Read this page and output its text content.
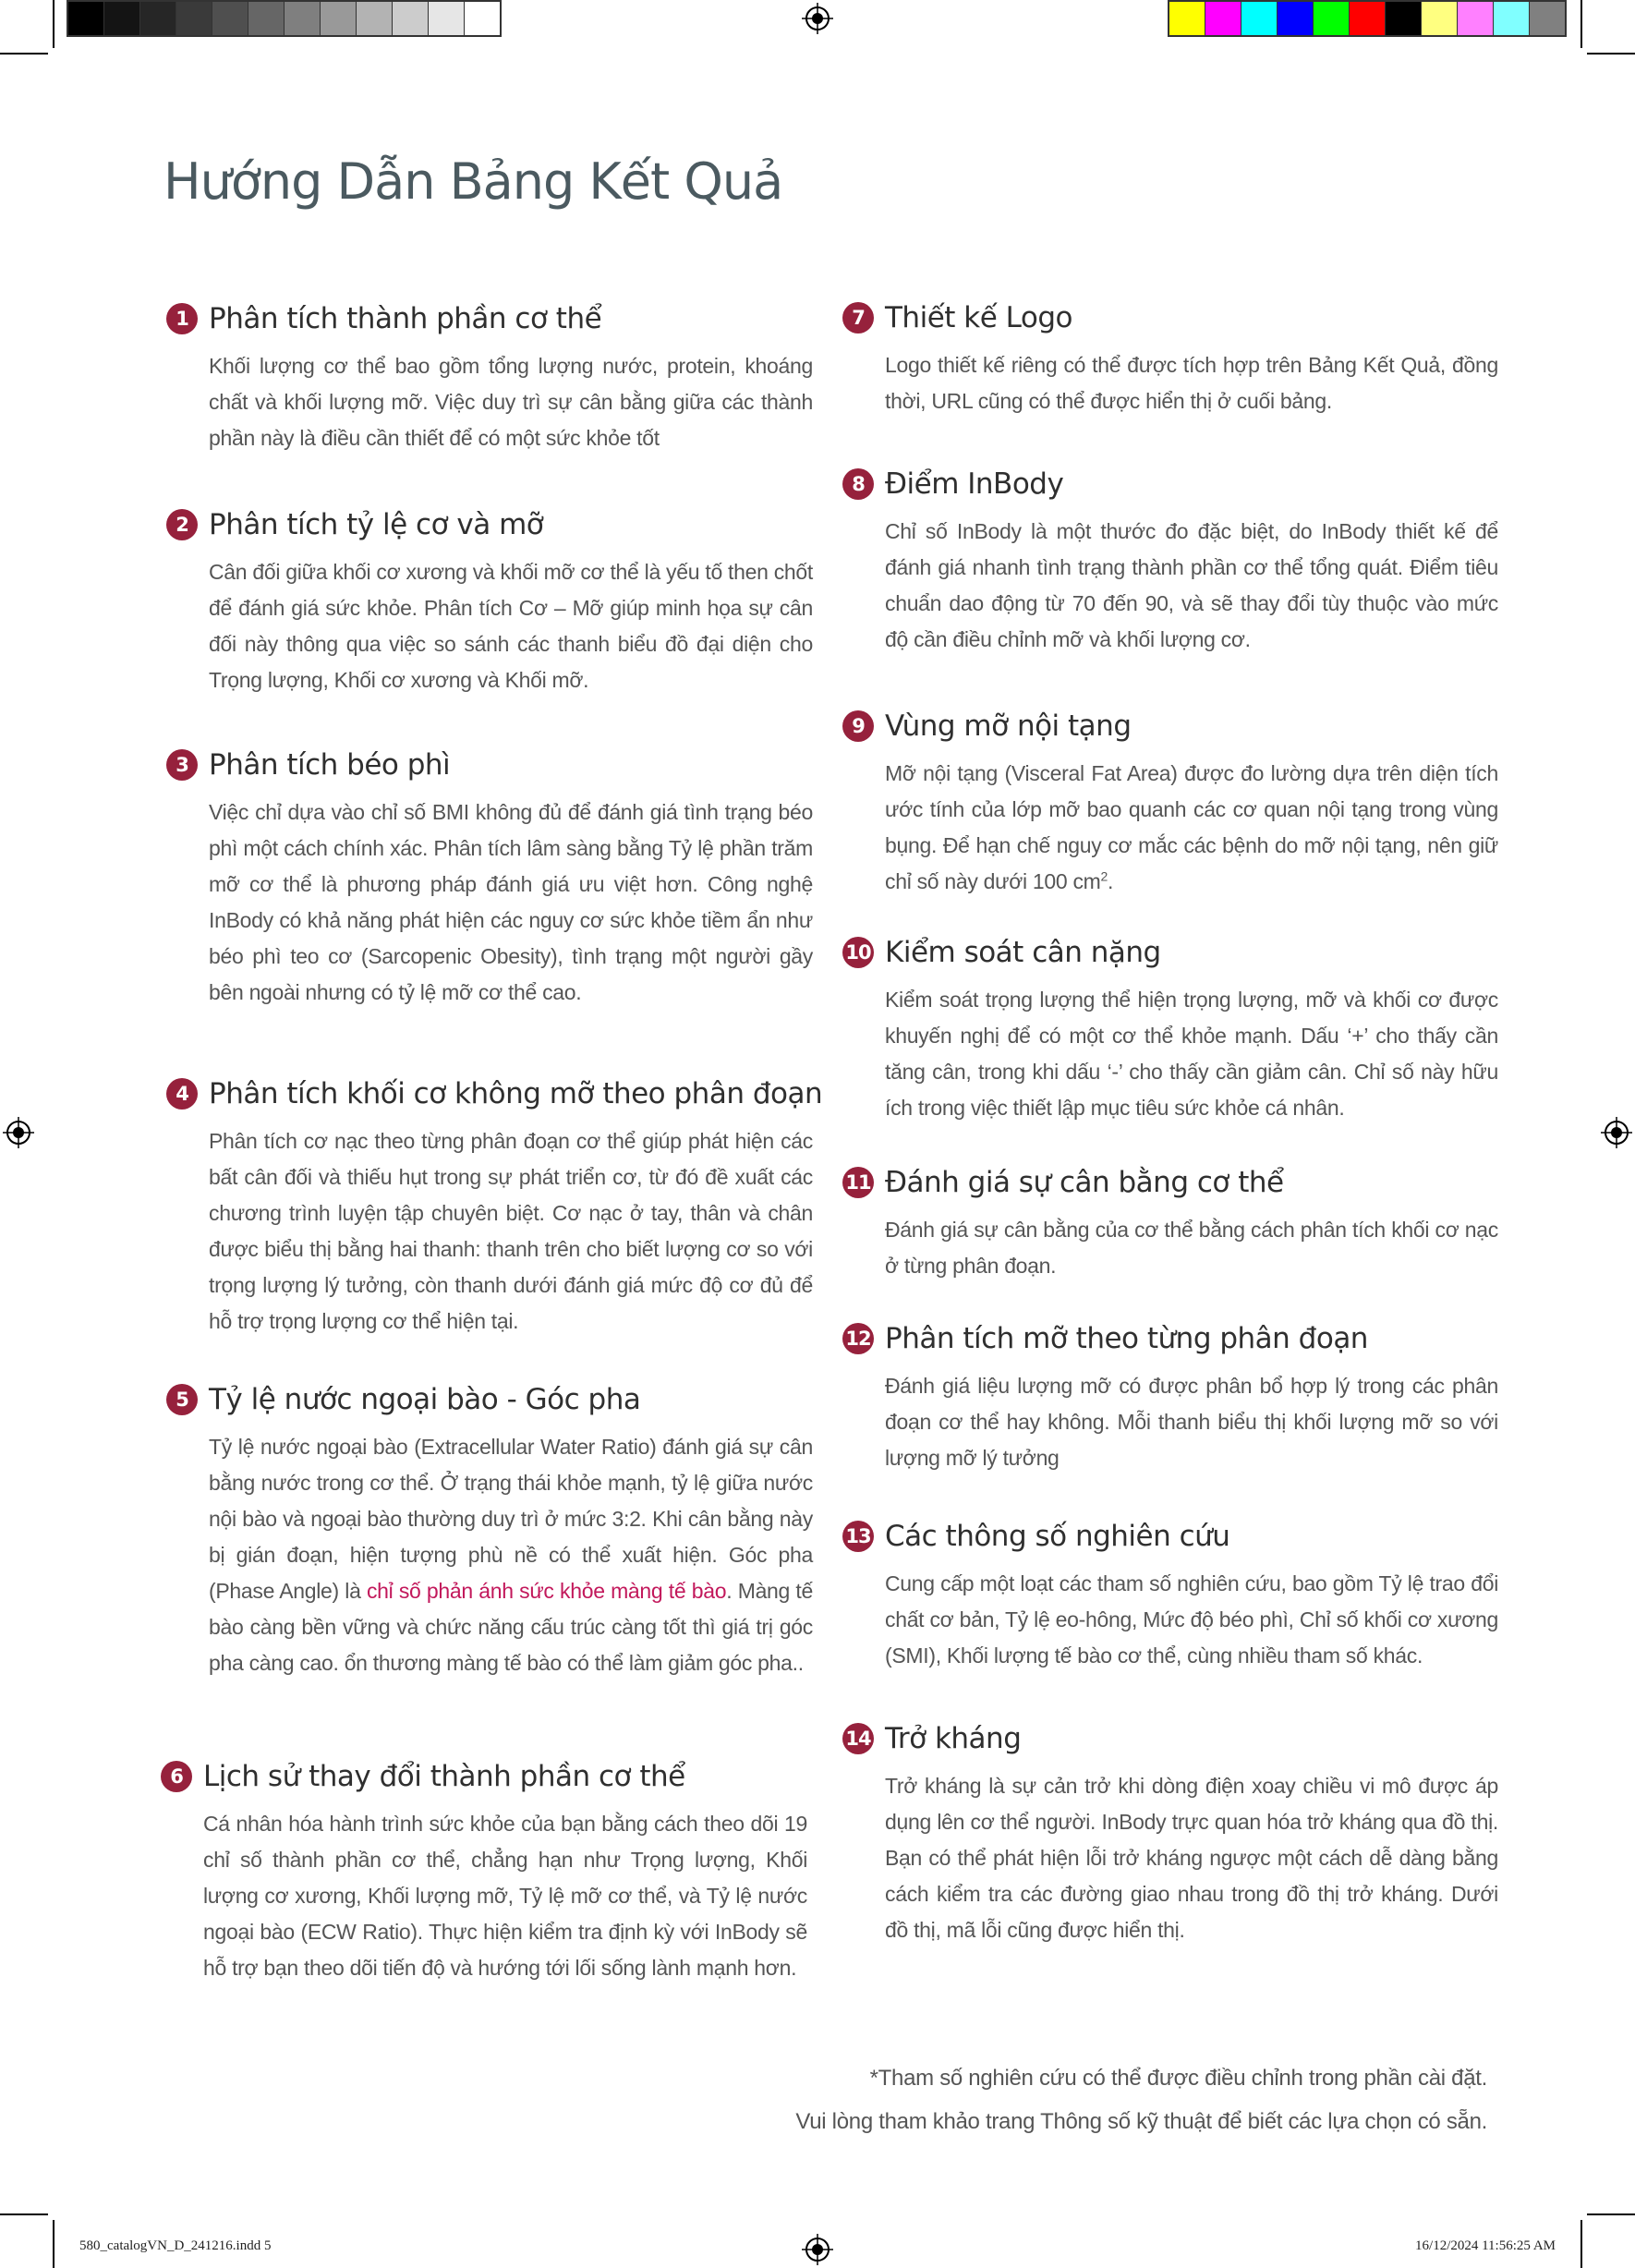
Hướng Dẫn Bảng Kết Quả
1 Phân tích thành phần cơ thể
Khối lượng cơ thể bao gồm tổng lượng nước, protein, khoáng chất và khối lượng mỡ. Việc duy trì sự cân bằng giữa các thành phần này là điều cần thiết để có một sức khỏe tốt
2 Phân tích tỷ lệ cơ và mỡ
Cân đối giữa khối cơ xương và khối mỡ cơ thể là yếu tố then chốt để đánh giá sức khỏe. Phân tích Cơ – Mỡ giúp minh họa sự cân đối này thông qua việc so sánh các thanh biểu đồ đại diện cho Trọng lượng, Khối cơ xương và Khối mỡ.
3 Phân tích béo phì
Việc chỉ dựa vào chỉ số BMI không đủ để đánh giá tình trạng béo phì một cách chính xác. Phân tích lâm sàng bằng Tỷ lệ phần trăm mỡ cơ thể là phương pháp đánh giá ưu việt hơn. Công nghệ InBody có khả năng phát hiện các nguy cơ sức khỏe tiềm ẩn như béo phì teo cơ (Sarcopenic Obesity), tình trạng một người gầy bên ngoài nhưng có tỷ lệ mỡ cơ thể cao.
4 Phân tích khối cơ không mỡ theo phân đoạn
Phân tích cơ nạc theo từng phân đoạn cơ thể giúp phát hiện các bất cân đối và thiếu hụt trong sự phát triển cơ, từ đó đề xuất các chương trình luyện tập chuyên biệt. Cơ nạc ở tay, thân và chân được biểu thị bằng hai thanh: thanh trên cho biết lượng cơ so với trọng lượng lý tưởng, còn thanh dưới đánh giá mức độ cơ đủ để hỗ trợ trọng lượng cơ thể hiện tại.
5 Tỷ lệ nước ngoại bào - Góc pha
Tỷ lệ nước ngoại bào (Extracellular Water Ratio) đánh giá sự cân bằng nước trong cơ thể. Ở trạng thái khỏe mạnh, tỷ lệ giữa nước nội bào và ngoại bào thường duy trì ở mức 3:2. Khi cân bằng này bị gián đoạn, hiện tượng phù nề có thể xuất hiện. Góc pha (Phase Angle) là chỉ số phản ánh sức khỏe màng tế bào. Màng tế bào càng bền vững và chức năng cấu trúc càng tốt thì giá trị góc pha càng cao. ổn thương màng tế bào có thể làm giảm góc pha..
6 Lịch sử thay đổi thành phần cơ thể
Cá nhân hóa hành trình sức khỏe của bạn bằng cách theo dõi 19 chỉ số thành phần cơ thể, chẳng hạn như Trọng lượng, Khối lượng cơ xương, Khối lượng mỡ, Tỷ lệ mỡ cơ thể, và Tỷ lệ nước ngoại bào (ECW Ratio). Thực hiện kiểm tra định kỳ với InBody sẽ hỗ trợ bạn theo dõi tiến độ và hướng tới lối sống lành mạnh hơn.
7 Thiết kế Logo
Logo thiết kế riêng có thể được tích hợp trên Bảng Kết Quả, đồng thời, URL cũng có thể được hiển thị ở cuối bảng.
8 Điểm InBody
Chỉ số InBody là một thước đo đặc biệt, do InBody thiết kế để đánh giá nhanh tình trạng thành phần cơ thể tổng quát. Điểm tiêu chuẩn dao động từ 70 đến 90, và sẽ thay đổi tùy thuộc vào mức độ cần điều chỉnh mỡ và khối lượng cơ.
9 Vùng mỡ nội tạng
Mỡ nội tạng (Visceral Fat Area) được đo lường dựa trên diện tích ước tính của lớp mỡ bao quanh các cơ quan nội tạng trong vùng bụng. Để hạn chế nguy cơ mắc các bệnh do mỡ nội tạng, nên giữ chỉ số này dưới 100 $cm^2$.
10 Kiểm soát cân nặng
Kiểm soát trọng lượng thể hiện trọng lượng, mỡ và khối cơ được khuyến nghị để có một cơ thể khỏe mạnh. Dấu ‘+’ cho thấy cần tăng cân, trong khi dấu ‘-’ cho thấy cần giảm cân. Chỉ số này hữu ích trong việc thiết lập mục tiêu sức khỏe cá nhân.
11 Đánh giá sự cân bằng cơ thể
Đánh giá sự cân bằng của cơ thể bằng cách phân tích khối cơ nạc ở từng phân đoạn.
12 Phân tích mỡ theo từng phân đoạn
Đánh giá liệu lượng mỡ có được phân bổ hợp lý trong các phân đoạn cơ thể hay không. Mỗi thanh biểu thị khối lượng mỡ so với lượng mỡ lý tưởng
13 Các thông số nghiên cứu
Cung cấp một loạt các tham số nghiên cứu, bao gồm Tỷ lệ trao đổi chất cơ bản, Tỷ lệ eo-hông, Mức độ béo phì, Chỉ số khối cơ xương (SMI), Khối lượng tế bào cơ thể, cùng nhiều tham số khác.
14 Trở kháng
Trở kháng là sự cản trở khi dòng điện xoay chiều vi mô được áp dụng lên cơ thể người. InBody trực quan hóa trở kháng qua đồ thị. Bạn có thể phát hiện lỗi trở kháng ngược một cách dễ dàng bằng cách kiểm tra các đường giao nhau trong đồ thị trở kháng. Dưới đồ thị, mã lỗi cũng được hiển thị.
*Tham số nghiên cứu có thể được điều chỉnh trong phần cài đặt.
Vui lòng tham khảo trang Thông số kỹ thuật để biết các lựa chọn có sẵn.
580_catalogVN_D_241216.indd 5	16/12/2024 11:56:25 AM
